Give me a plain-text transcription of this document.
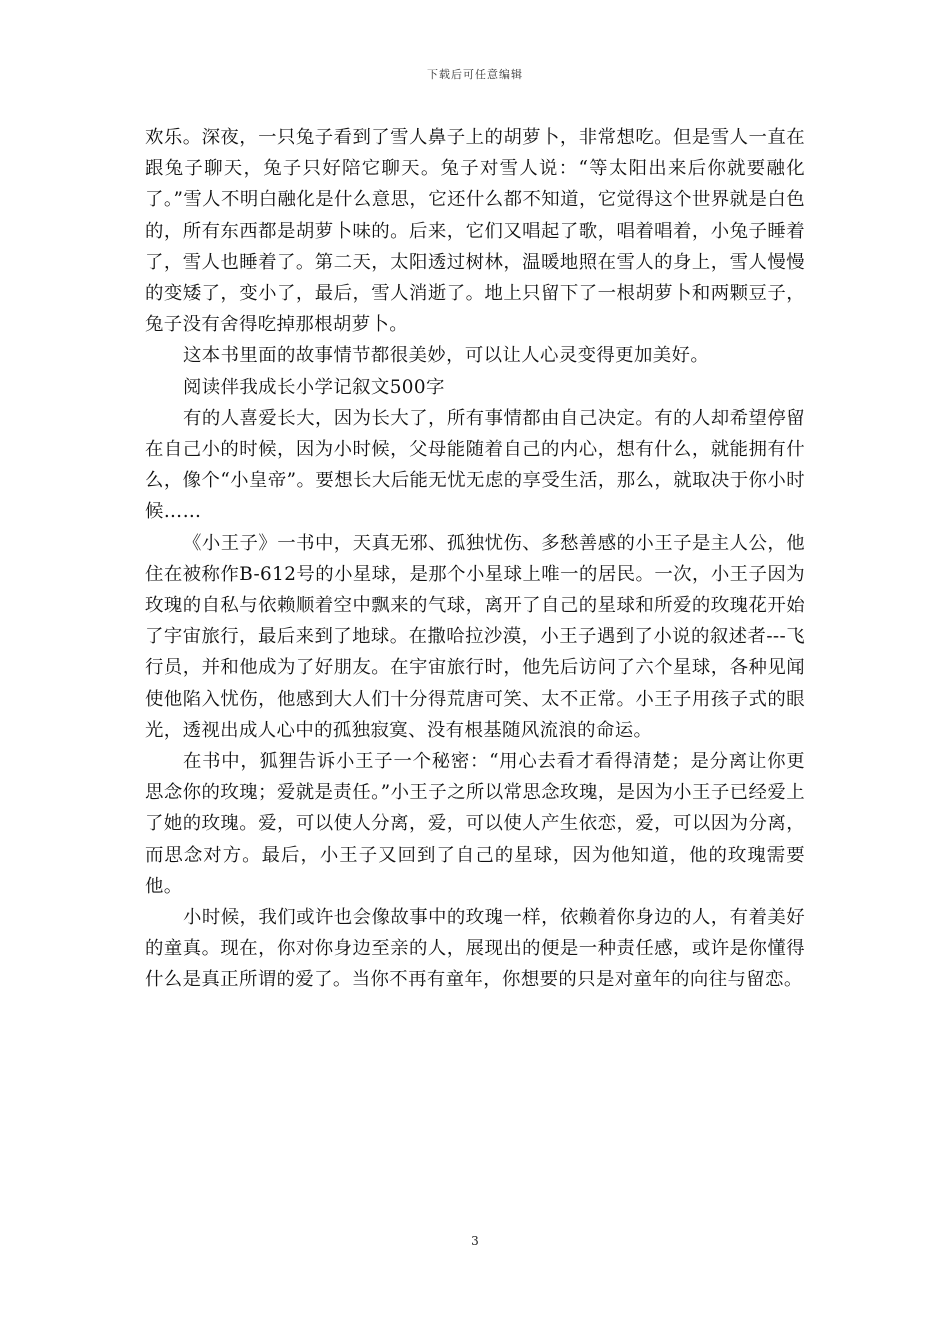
下载后可任意编辑

欢乐。深夜，一只兔子看到了雪人鼻子上的胡萝卜，非常想吃。但是雪人一直在跟兔子聊天，兔子只好陪它聊天。兔子对雪人说：“等太阳出来后你就要融化了。”雪人不明白融化是什么意思，它还什么都不知道，它觉得这个世界就是白色的，所有东西都是胡萝卜味的。后来，它们又唱起了歌，唱着唱着，小兔子睡着了，雪人也睡着了。第二天，太阳透过树林，温暖地照在雪人的身上，雪人慢慢的变矮了，变小了，最后，雪人消逝了。地上只留下了一根胡萝卜和两颗豆子，兔子没有舍得吃掉那根胡萝卜。

这本书里面的故事情节都很美妙，可以让人心灵变得更加美好。

阅读伴我成长小学记叙文500字

有的人喜爱长大，因为长大了，所有事情都由自己决定。有的人却希望停留在自己小的时候，因为小时候，父母能随着自己的内心，想有什么，就能拥有什么，像个“小皇帝”。要想长大后能无忧无虑的享受生活，那么，就取决于你小时候……

《小王子》一书中，天真无邪、孤独忧伤、多愁善感的小王子是主人公，他住在被称作B-612号的小星球，是那个小星球上唯一的居民。一次，小王子因为玫瑰的自私与依赖顺着空中飘来的气球，离开了自己的星球和所爱的玫瑰花开始了宇宙旅行，最后来到了地球。在撒哈拉沙漠，小王子遇到了小说的叙述者---飞行员，并和他成为了好朋友。在宇宙旅行时，他先后访问了六个星球，各种见闻使他陷入忧伤，他感到大人们十分得荒唐可笑、太不正常。小王子用孩子式的眼光，透视出成人心中的孤独寂寞、没有根基随风流浪的命运。

在书中，狐狸告诉小王子一个秘密：“用心去看才看得清楚；是分离让你更思念你的玫瑰；爱就是责任。”小王子之所以常思念玫瑰，是因为小王子已经爱上了她的玫瑰。爱，可以使人分离，爱，可以使人产生依恋，爱，可以因为分离，而思念对方。最后，小王子又回到了自己的星球，因为他知道，他的玫瑰需要他。

小时候，我们或许也会像故事中的玫瑰一样，依赖着你身边的人，有着美好的童真。现在，你对你身边至亲的人，展现出的便是一种责任感，或许是你懂得什么是真正所谓的爱了。当你不再有童年，你想要的只是对童年的向往与留恋。

3
